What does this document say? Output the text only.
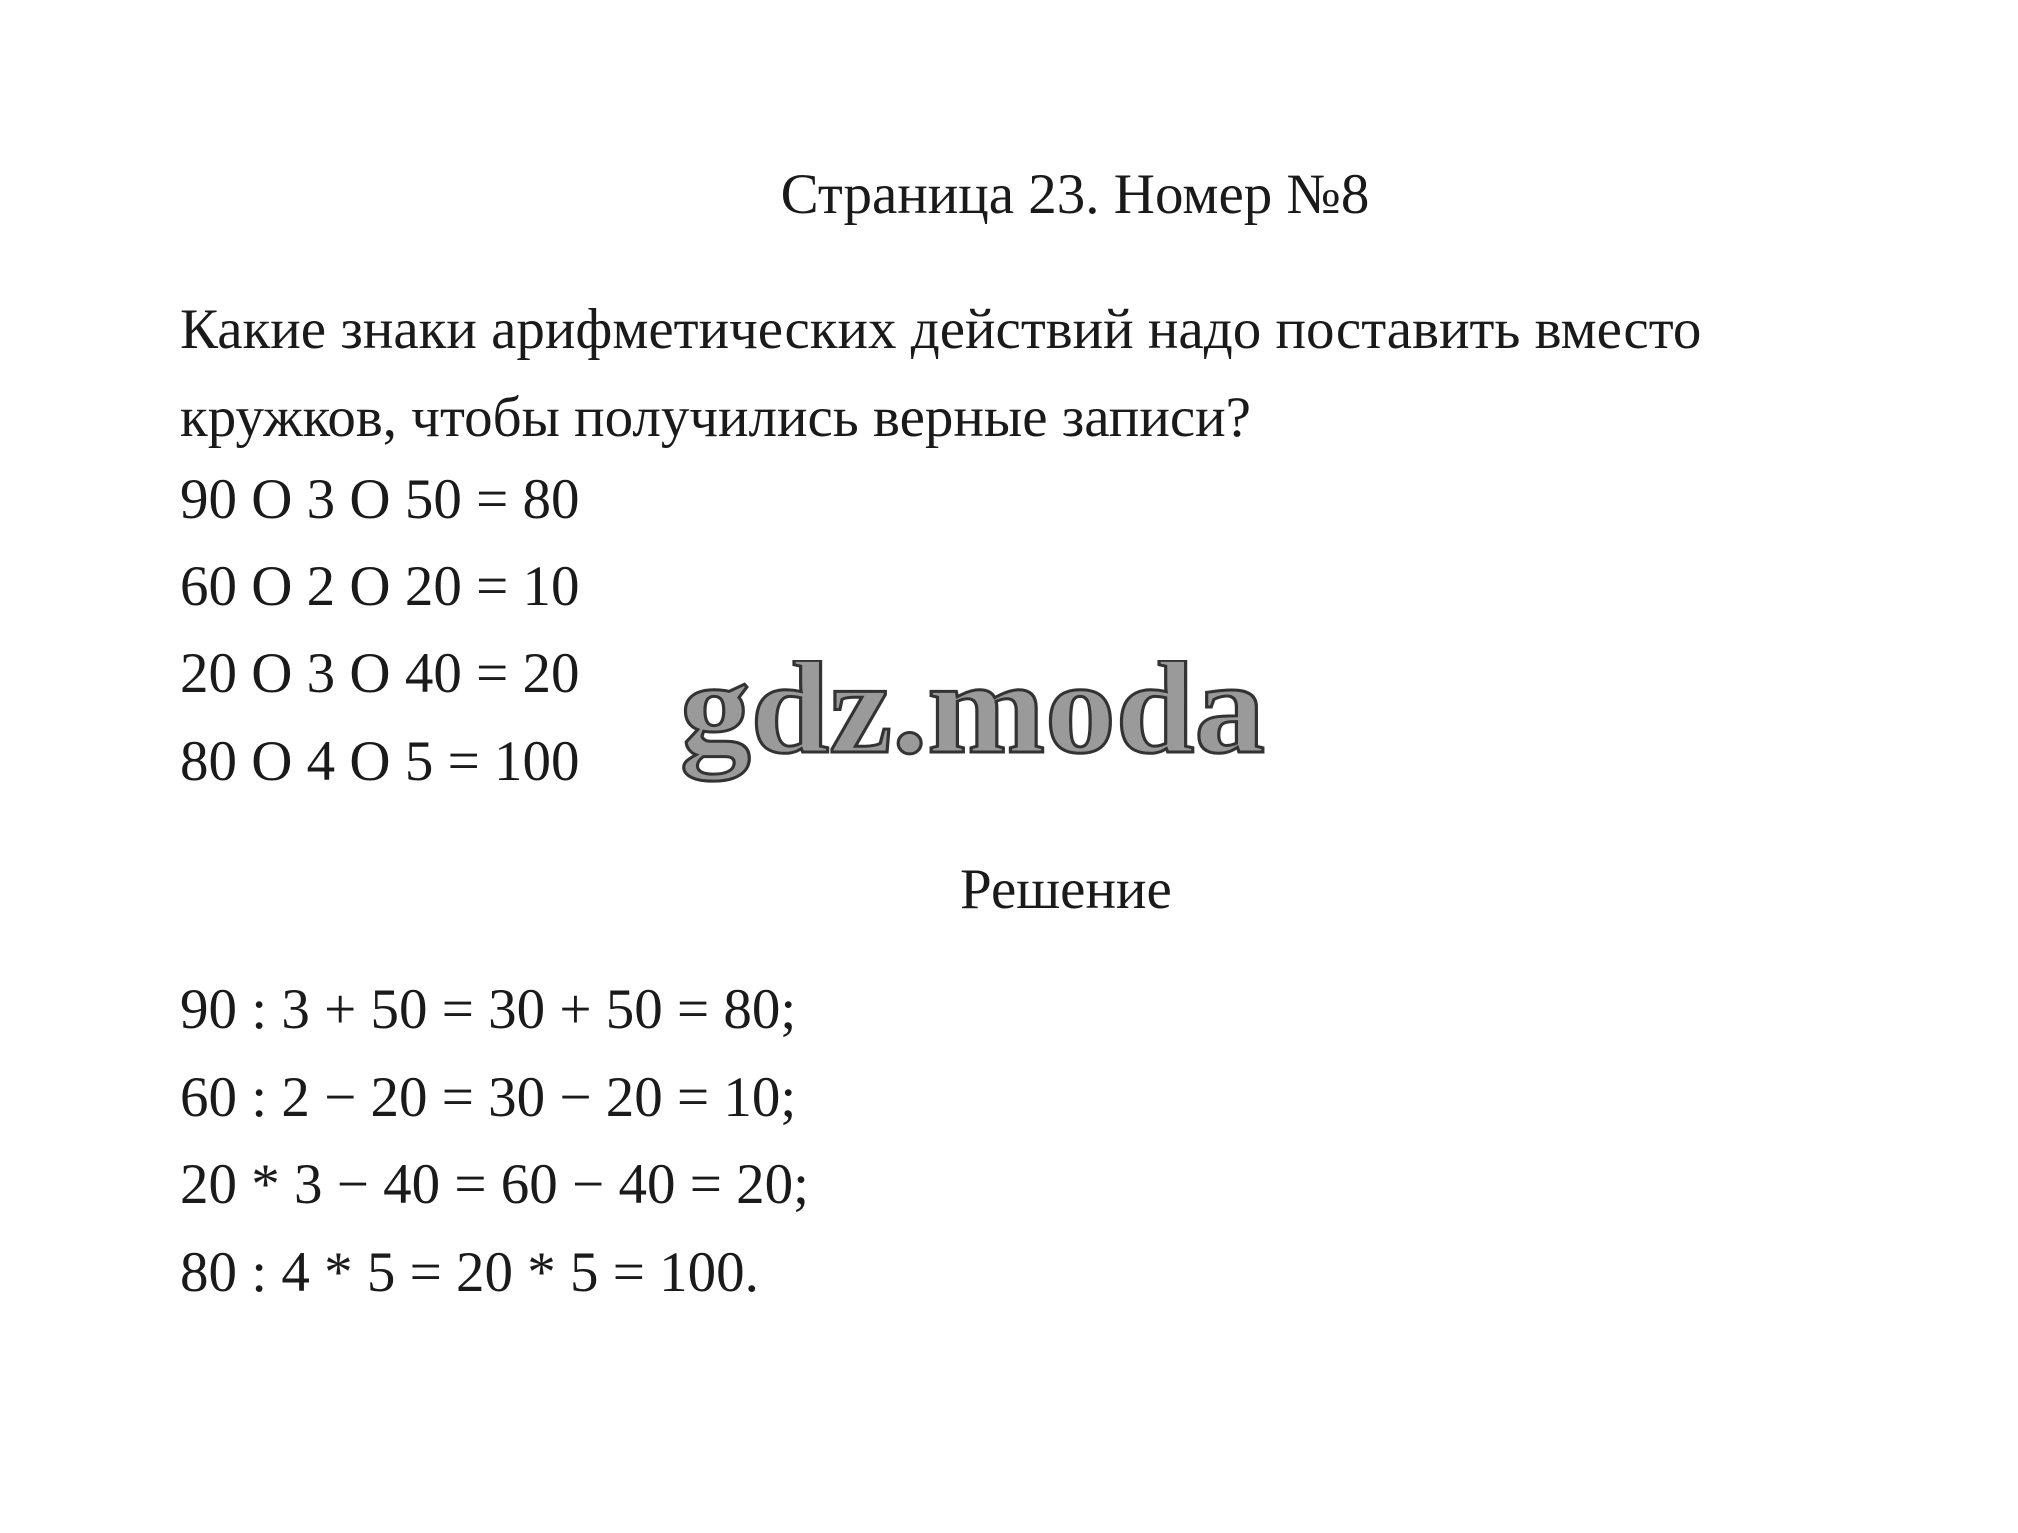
Страница 23. Номер №8

Какие знаки арифметических действий надо поставить вместо

кружков, чтобы получились верные записи?

90 O 3 O 50 = 80
60 O 2 O 20 = 10
20 O 3 O 40 = 20
80 O 4 O 5 = 100 gdz.moda
Решение
90 : 3 + 50 = 30 + 50 = 80;
60 : 2 − 20 = 30 − 20 = 10;
20 * 3 − 40 = 60 − 40 = 20;
80 : 4 * 5 = 20 * 5 = 100.
